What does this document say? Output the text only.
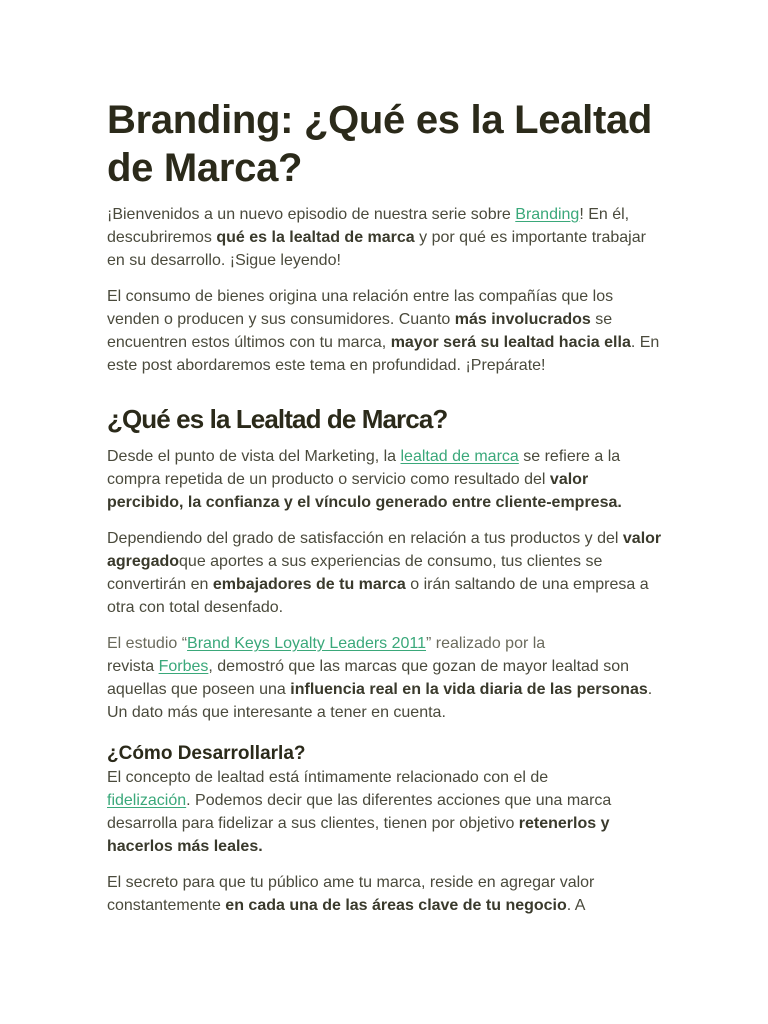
Branding: ¿Qué es la Lealtad de Marca?

¡Bienvenidos a un nuevo episodio de nuestra serie sobre Branding! En él, descubriremos qué es la lealtad de marca y por qué es importante trabajar en su desarrollo. ¡Sigue leyendo!

El consumo de bienes origina una relación entre las compañías que los venden o producen y sus consumidores. Cuanto más involucrados se encuentren estos últimos con tu marca, mayor será su lealtad hacia ella. En este post abordaremos este tema en profundidad. ¡Prepárate!

¿Qué es la Lealtad de Marca?

Desde el punto de vista del Marketing, la lealtad de marca se refiere a la compra repetida de un producto o servicio como resultado del valor percibido, la confianza y el vínculo generado entre cliente-empresa.

Dependiendo del grado de satisfacción en relación a tus productos y del valor agregadoque aportes a sus experiencias de consumo, tus clientes se convertirán en embajadores de tu marca o irán saltando de una empresa a otra con total desenfado.

El estudio “Brand Keys Loyalty Leaders 2011” realizado por la
revista Forbes, demostró que las marcas que gozan de mayor lealtad son aquellas que poseen una influencia real en la vida diaria de las personas. Un dato más que interesante a tener en cuenta.

¿Cómo Desarrollarla?

El concepto de lealtad está íntimamente relacionado con el de fidelización. Podemos decir que las diferentes acciones que una marca desarrolla para fidelizar a sus clientes, tienen por objetivo retenerlos y hacerlos más leales.

El secreto para que tu público ame tu marca, reside en agregar valor constantemente en cada una de las áreas clave de tu negocio. A
